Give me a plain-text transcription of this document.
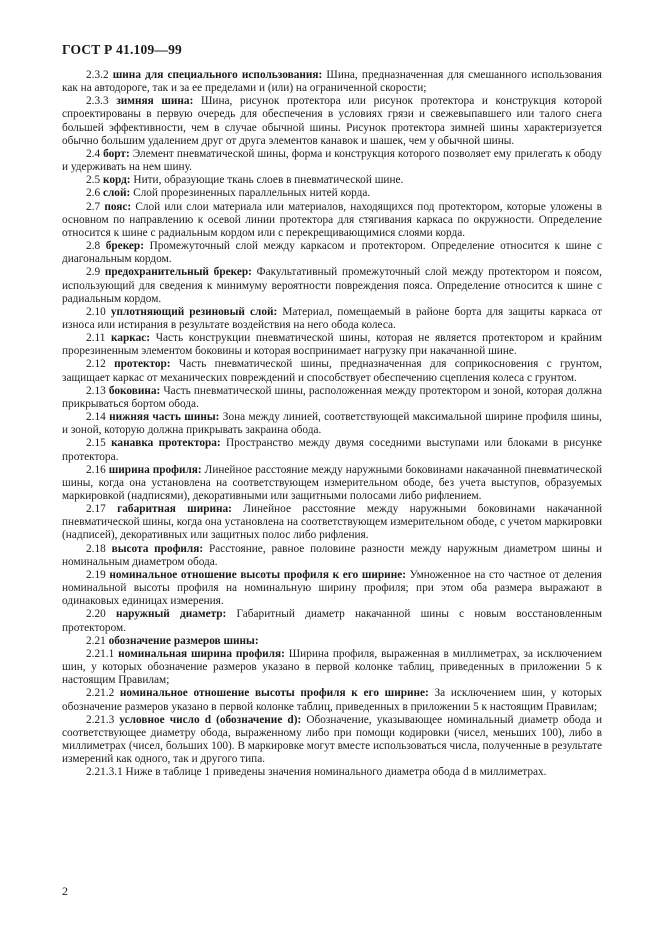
ГОСТ Р 41.109—99

2.3.2 шина для специального использования: Шина, предназначенная для смешанного использования как на автодороге, так и за ее пределами и (или) на ограниченной скорости;

2.3.3 зимняя шина: Шина, рисунок протектора или рисунок протектора и конструкция которой спроектированы в первую очередь для обеспечения в условиях грязи и свежевыпавшего или талого снега большей эффективности, чем в случае обычной шины. Рисунок протектора зимней шины характеризуется обычно большим удалением друг от друга элементов канавок и шашек, чем у обычной шины.

2.4 борт: Элемент пневматической шины, форма и конструкция которого позволяет ему прилегать к ободу и удерживать на нем шину.

2.5 корд: Нити, образующие ткань слоев в пневматической шине.

2.6 слой: Слой прорезиненных параллельных нитей корда.

2.7 пояс: Слой или слои материала или материалов, находящихся под протектором, которые уложены в основном по направлению к осевой линии протектора для стягивания каркаса по окружности. Определение относится к шине с радиальным кордом или с перекрещивающимися слоями корда.

2.8 брекер: Промежуточный слой между каркасом и протектором. Определение относится к шине с диагональным кордом.

2.9 предохранительный брекер: Факультативный промежуточный слой между протектором и поясом, использующий для сведения к минимуму вероятности повреждения пояса. Определение относится к шине с радиальным кордом.

2.10 уплотняющий резиновый слой: Материал, помещаемый в районе борта для защиты каркаса от износа или истирания в результате воздействия на него обода колеса.

2.11 каркас: Часть конструкции пневматической шины, которая не является протектором и крайним прорезиненным элементом боковины и которая воспринимает нагрузку при накачанной шине.

2.12 протектор: Часть пневматической шины, предназначенная для соприкосновения с грунтом, защищает каркас от механических повреждений и способствует обеспечению сцепления колеса с грунтом.

2.13 боковина: Часть пневматической шины, расположенная между протектором и зоной, которая должна прикрываться бортом обода.

2.14 нижняя часть шины: Зона между линией, соответствующей максимальной ширине профиля шины, и зоной, которую должна прикрывать закраина обода.

2.15 канавка протектора: Пространство между двумя соседними выступами или блоками в рисунке протектора.

2.16 ширина профиля: Линейное расстояние между наружными боковинами накачанной пневматической шины, когда она установлена на соответствующем измерительном ободе, без учета выступов, образуемых маркировкой (надписями), декоративными или защитными полосами либо рифлением.

2.17 габаритная ширина: Линейное расстояние между наружными боковинами накачанной пневматической шины, когда она установлена на соответствующем измерительном ободе, с учетом маркировки (надписей), декоративных или защитных полос либо рифления.

2.18 высота профиля: Расстояние, равное половине разности между наружным диаметром шины и номинальным диаметром обода.

2.19 номинальное отношение высоты профиля к его ширине: Умноженное на сто частное от деления номинальной высоты профиля на номинальную ширину профиля; при этом оба размера выражают в одинаковых единицах измерения.

2.20 наружный диаметр: Габаритный диаметр накачанной шины с новым восстановленным протектором.

2.21 обозначение размеров шины:

2.21.1 номинальная ширина профиля: Ширина профиля, выраженная в миллиметрах, за исключением шин, у которых обозначение размеров указано в первой колонке таблиц, приведенных в приложении 5 к настоящим Правилам;

2.21.2 номинальное отношение высоты профиля к его ширине: За исключением шин, у которых обозначение размеров указано в первой колонке таблиц, приведенных в приложении 5 к настоящим Правилам;

2.21.3 условное число d (обозначение d): Обозначение, указывающее номинальный диаметр обода и соответствующее диаметру обода, выраженному либо при помощи кодировки (чисел, меньших 100), либо в миллиметрах (чисел, больших 100). В маркировке могут вместе использоваться числа, полученные в результате измерений как одного, так и другого типа.

2.21.3.1 Ниже в таблице 1 приведены значения номинального диаметра обода d в миллиметрах.

2
